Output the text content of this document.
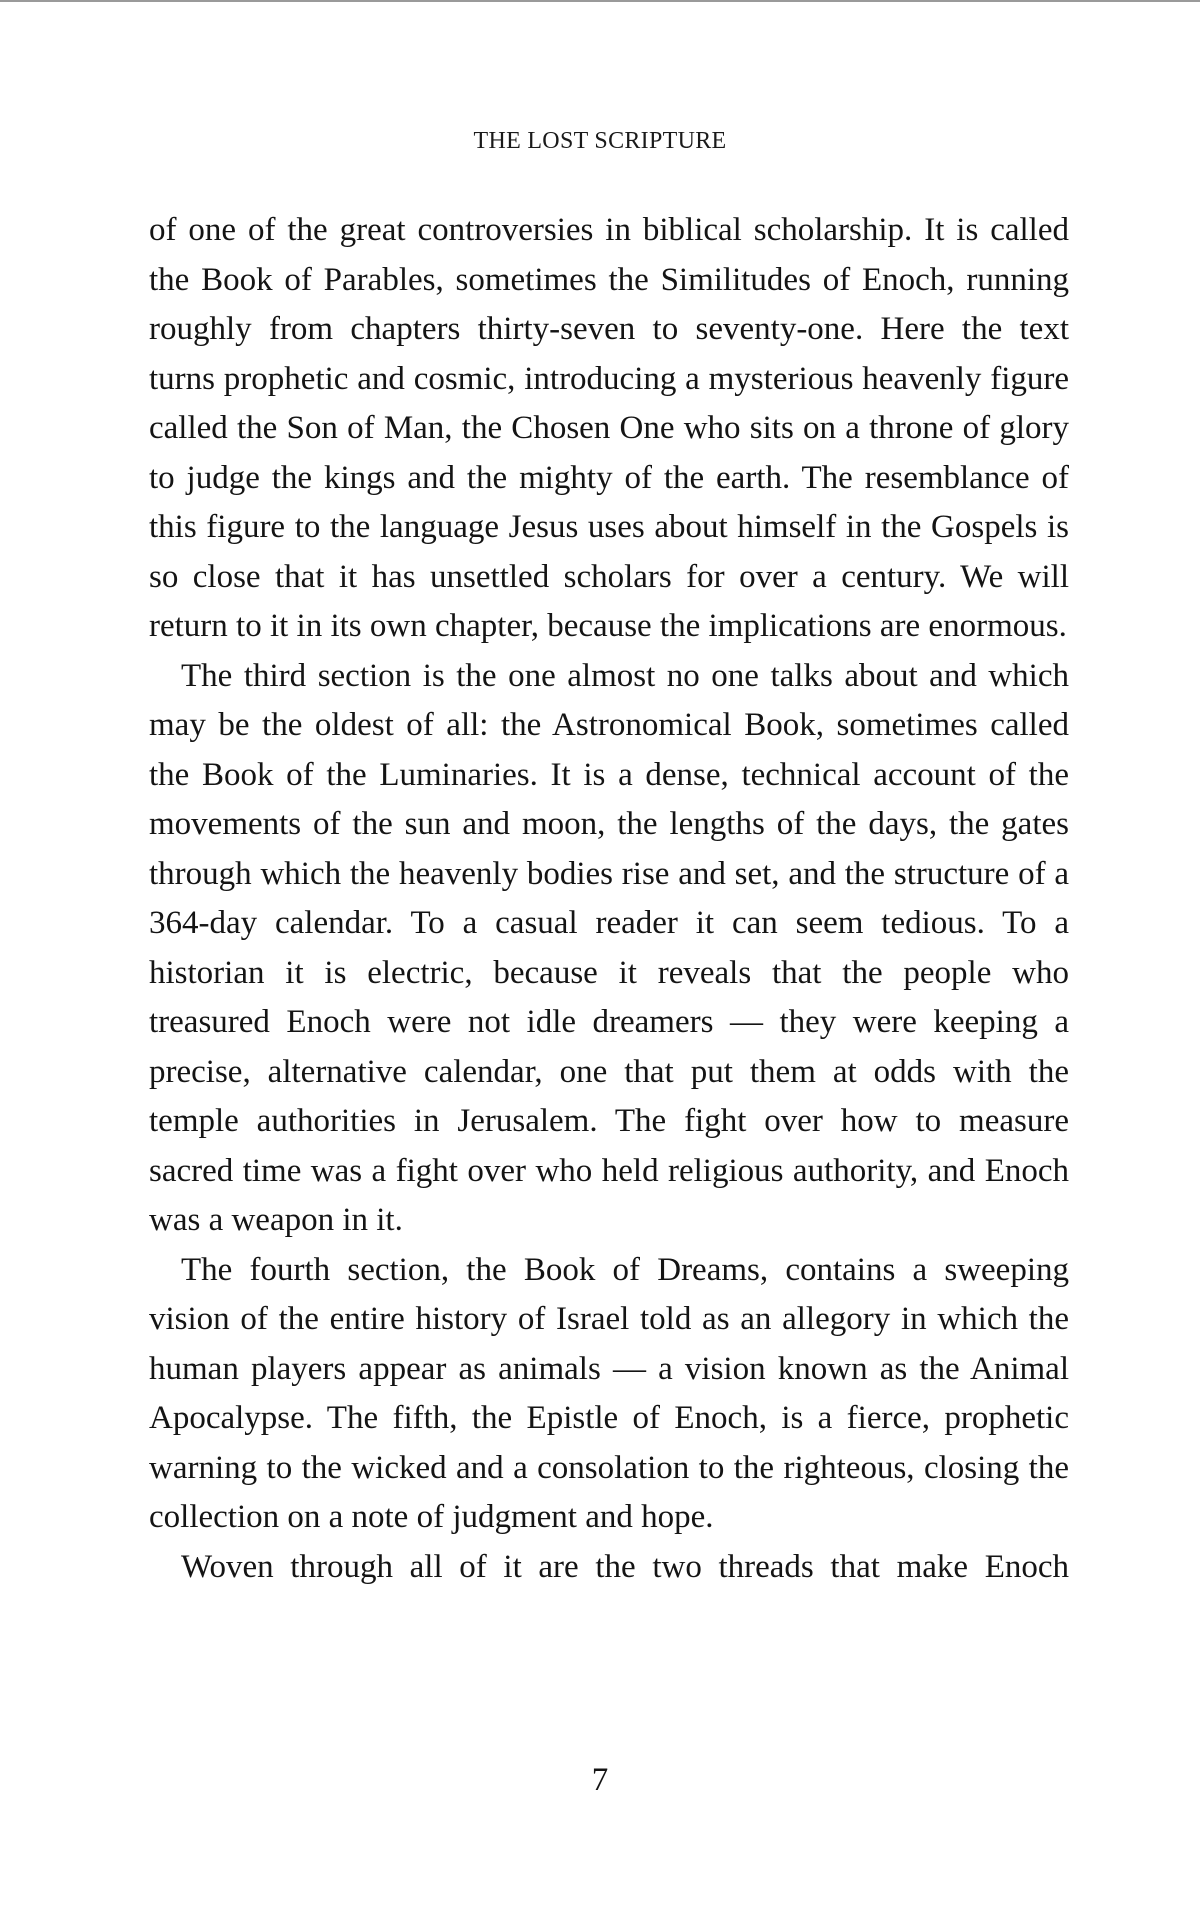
THE LOST SCRIPTURE

of one of the great controversies in biblical scholarship. It is called the Book of Parables, sometimes the Similitudes of Enoch, running roughly from chapters thirty-seven to seventy-one. Here the text turns prophetic and cosmic, introducing a mysterious heavenly figure called the Son of Man, the Chosen One who sits on a throne of glory to judge the kings and the mighty of the earth. The resemblance of this figure to the language Jesus uses about himself in the Gospels is so close that it has unsettled scholars for over a century. We will return to it in its own chapter, because the implications are enormous.

The third section is the one almost no one talks about and which may be the oldest of all: the Astronomical Book, sometimes called the Book of the Luminaries. It is a dense, technical account of the movements of the sun and moon, the lengths of the days, the gates through which the heavenly bodies rise and set, and the structure of a 364-day calendar. To a casual reader it can seem tedious. To a historian it is electric, because it reveals that the people who treasured Enoch were not idle dreamers — they were keeping a precise, alternative calendar, one that put them at odds with the temple authorities in Jerusalem. The fight over how to measure sacred time was a fight over who held religious authority, and Enoch was a weapon in it.

The fourth section, the Book of Dreams, contains a sweeping vision of the entire history of Israel told as an allegory in which the human players appear as animals — a vision known as the Animal Apocalypse. The fifth, the Epistle of Enoch, is a fierce, prophetic warning to the wicked and a consolation to the righteous, closing the collection on a note of judgment and hope.

Woven through all of it are the two threads that make Enoch

7
